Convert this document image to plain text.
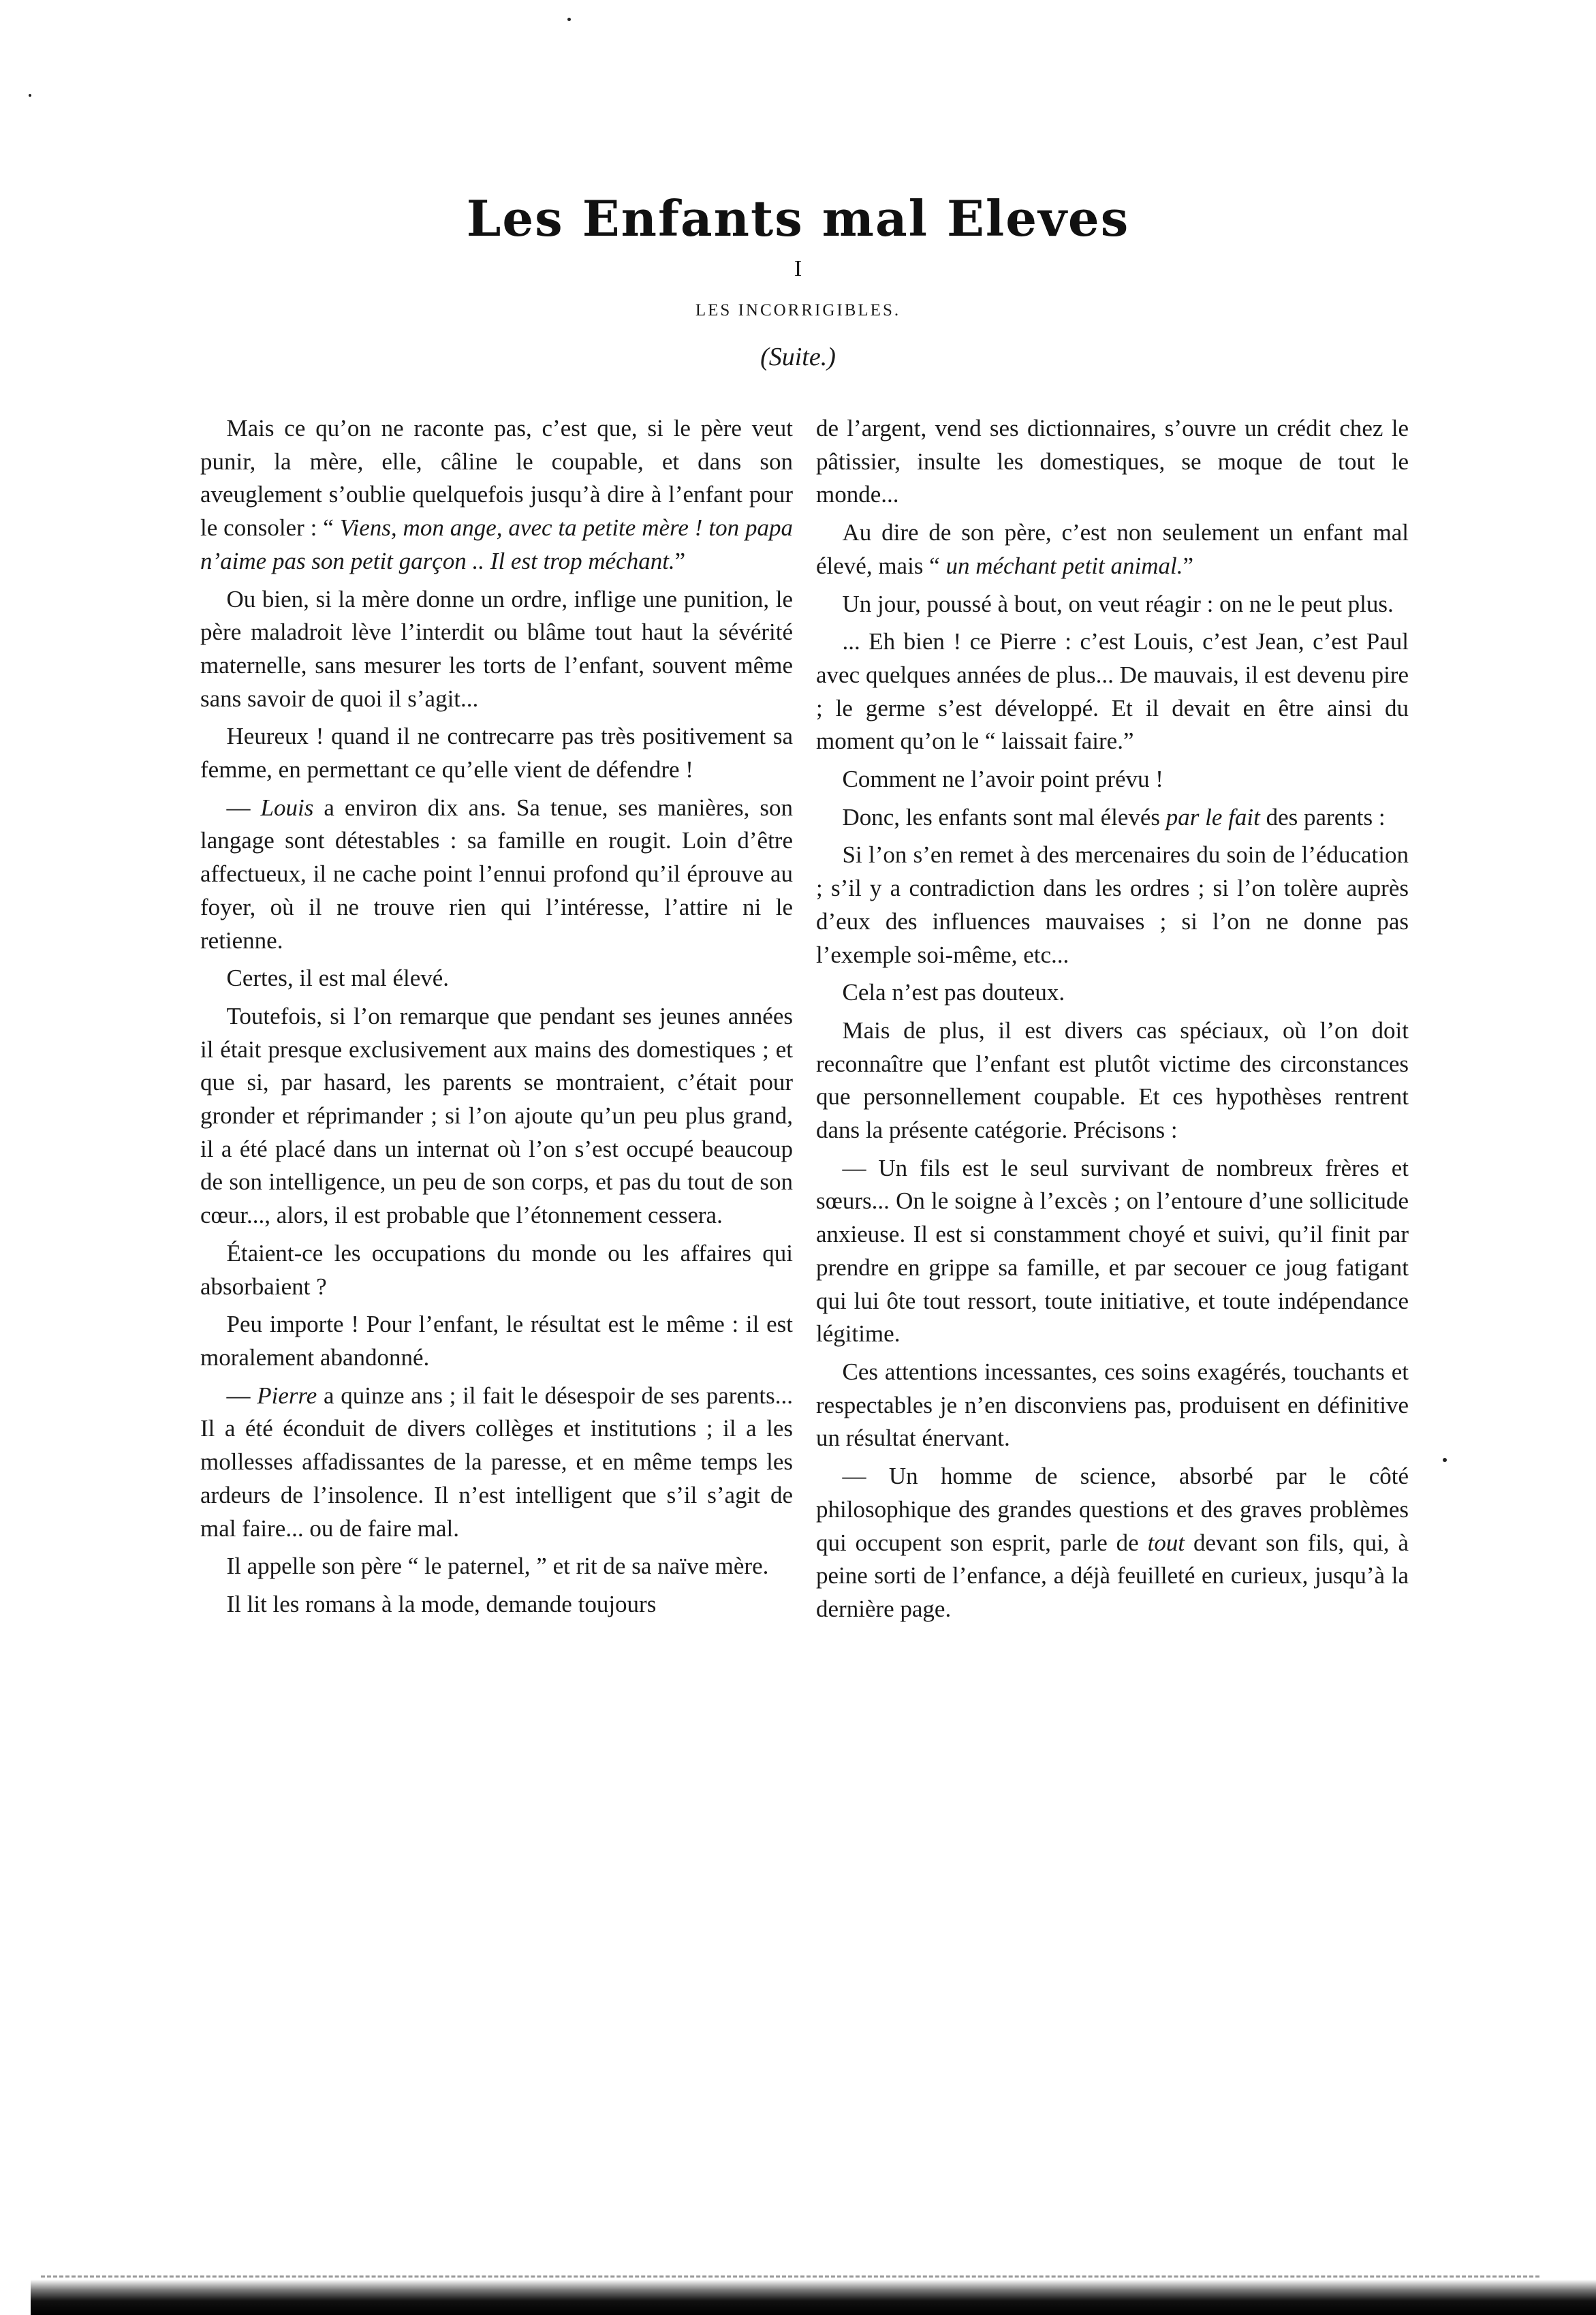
Les Enfants mal Eleves
I
LES INCORRIGIBLES.
(Suite.)

Mais ce qu’on ne raconte pas, c’est que, si le père veut punir, la mère, elle, câline le coupable, et dans son aveuglement s’oublie quelquefois jusqu’à dire à l’enfant pour le consoler : “ Viens, mon ange, avec ta petite mère ! ton papa n’aime pas son petit garçon .. Il est trop méchant.”

Ou bien, si la mère donne un ordre, inflige une punition, le père maladroit lève l’interdit ou blâme tout haut la sévérité maternelle, sans mesurer les torts de l’enfant, souvent même sans savoir de quoi il s’agit...

Heureux ! quand il ne contrecarre pas très positivement sa femme, en permettant ce qu’elle vient de défendre !

— Louis a environ dix ans. Sa tenue, ses manières, son langage sont détestables : sa famille en rougit. Loin d’être affectueux, il ne cache point l’ennui profond qu’il éprouve au foyer, où il ne trouve rien qui l’intéresse, l’attire ni le retienne.

Certes, il est mal élevé.

Toutefois, si l’on remarque que pendant ses jeunes années il était presque exclusivement aux mains des domestiques ; et que si, par hasard, les parents se montraient, c’était pour gronder et réprimander ; si l’on ajoute qu’un peu plus grand, il a été placé dans un internat où l’on s’est occupé beaucoup de son intelligence, un peu de son corps, et pas du tout de son cœur..., alors, il est probable que l’étonnement cessera.

Étaient-ce les occupations du monde ou les affaires qui absorbaient ?

Peu importe ! Pour l’enfant, le résultat est le même : il est moralement abandonné.

— Pierre a quinze ans ; il fait le désespoir de ses parents... Il a été éconduit de divers collèges et institutions ; il a les mollesses affadissantes de la paresse, et en même temps les ardeurs de l’insolence. Il n’est intelligent que s’il s’agit de mal faire... ou de faire mal.

Il appelle son père “ le paternel, ” et rit de sa naïve mère.

Il lit les romans à la mode, demande toujours

de l’argent, vend ses dictionnaires, s’ouvre un crédit chez le pâtissier, insulte les domestiques, se moque de tout le monde...

Au dire de son père, c’est non seulement un enfant mal élevé, mais “ un méchant petit animal.”

Un jour, poussé à bout, on veut réagir : on ne le peut plus.

... Eh bien ! ce Pierre : c’est Louis, c’est Jean, c’est Paul avec quelques années de plus... De mauvais, il est devenu pire ; le germe s’est développé. Et il devait en être ainsi du moment qu’on le “ laissait faire.”

Comment ne l’avoir point prévu !

Donc, les enfants sont mal élevés par le fait des parents :

Si l’on s’en remet à des mercenaires du soin de l’éducation ; s’il y a contradiction dans les ordres ; si l’on tolère auprès d’eux des influences mauvaises ; si l’on ne donne pas l’exemple soi-même, etc...

Cela n’est pas douteux.

Mais de plus, il est divers cas spéciaux, où l’on doit reconnaître que l’enfant est plutôt victime des circonstances que personnellement coupable. Et ces hypothèses rentrent dans la présente catégorie. Précisons :

— Un fils est le seul survivant de nombreux frères et sœurs... On le soigne à l’excès ; on l’entoure d’une sollicitude anxieuse. Il est si constamment choyé et suivi, qu’il finit par prendre en grippe sa famille, et par secouer ce joug fatigant qui lui ôte tout ressort, toute initiative, et toute indépendance légitime.

Ces attentions incessantes, ces soins exagérés, touchants et respectables je n’en disconviens pas, produisent en définitive un résultat énervant.

— Un homme de science, absorbé par le côté philosophique des grandes questions et des graves problèmes qui occupent son esprit, parle de tout devant son fils, qui, à peine sorti de l’enfance, a déjà feuilleté en curieux, jusqu’à la dernière page.
